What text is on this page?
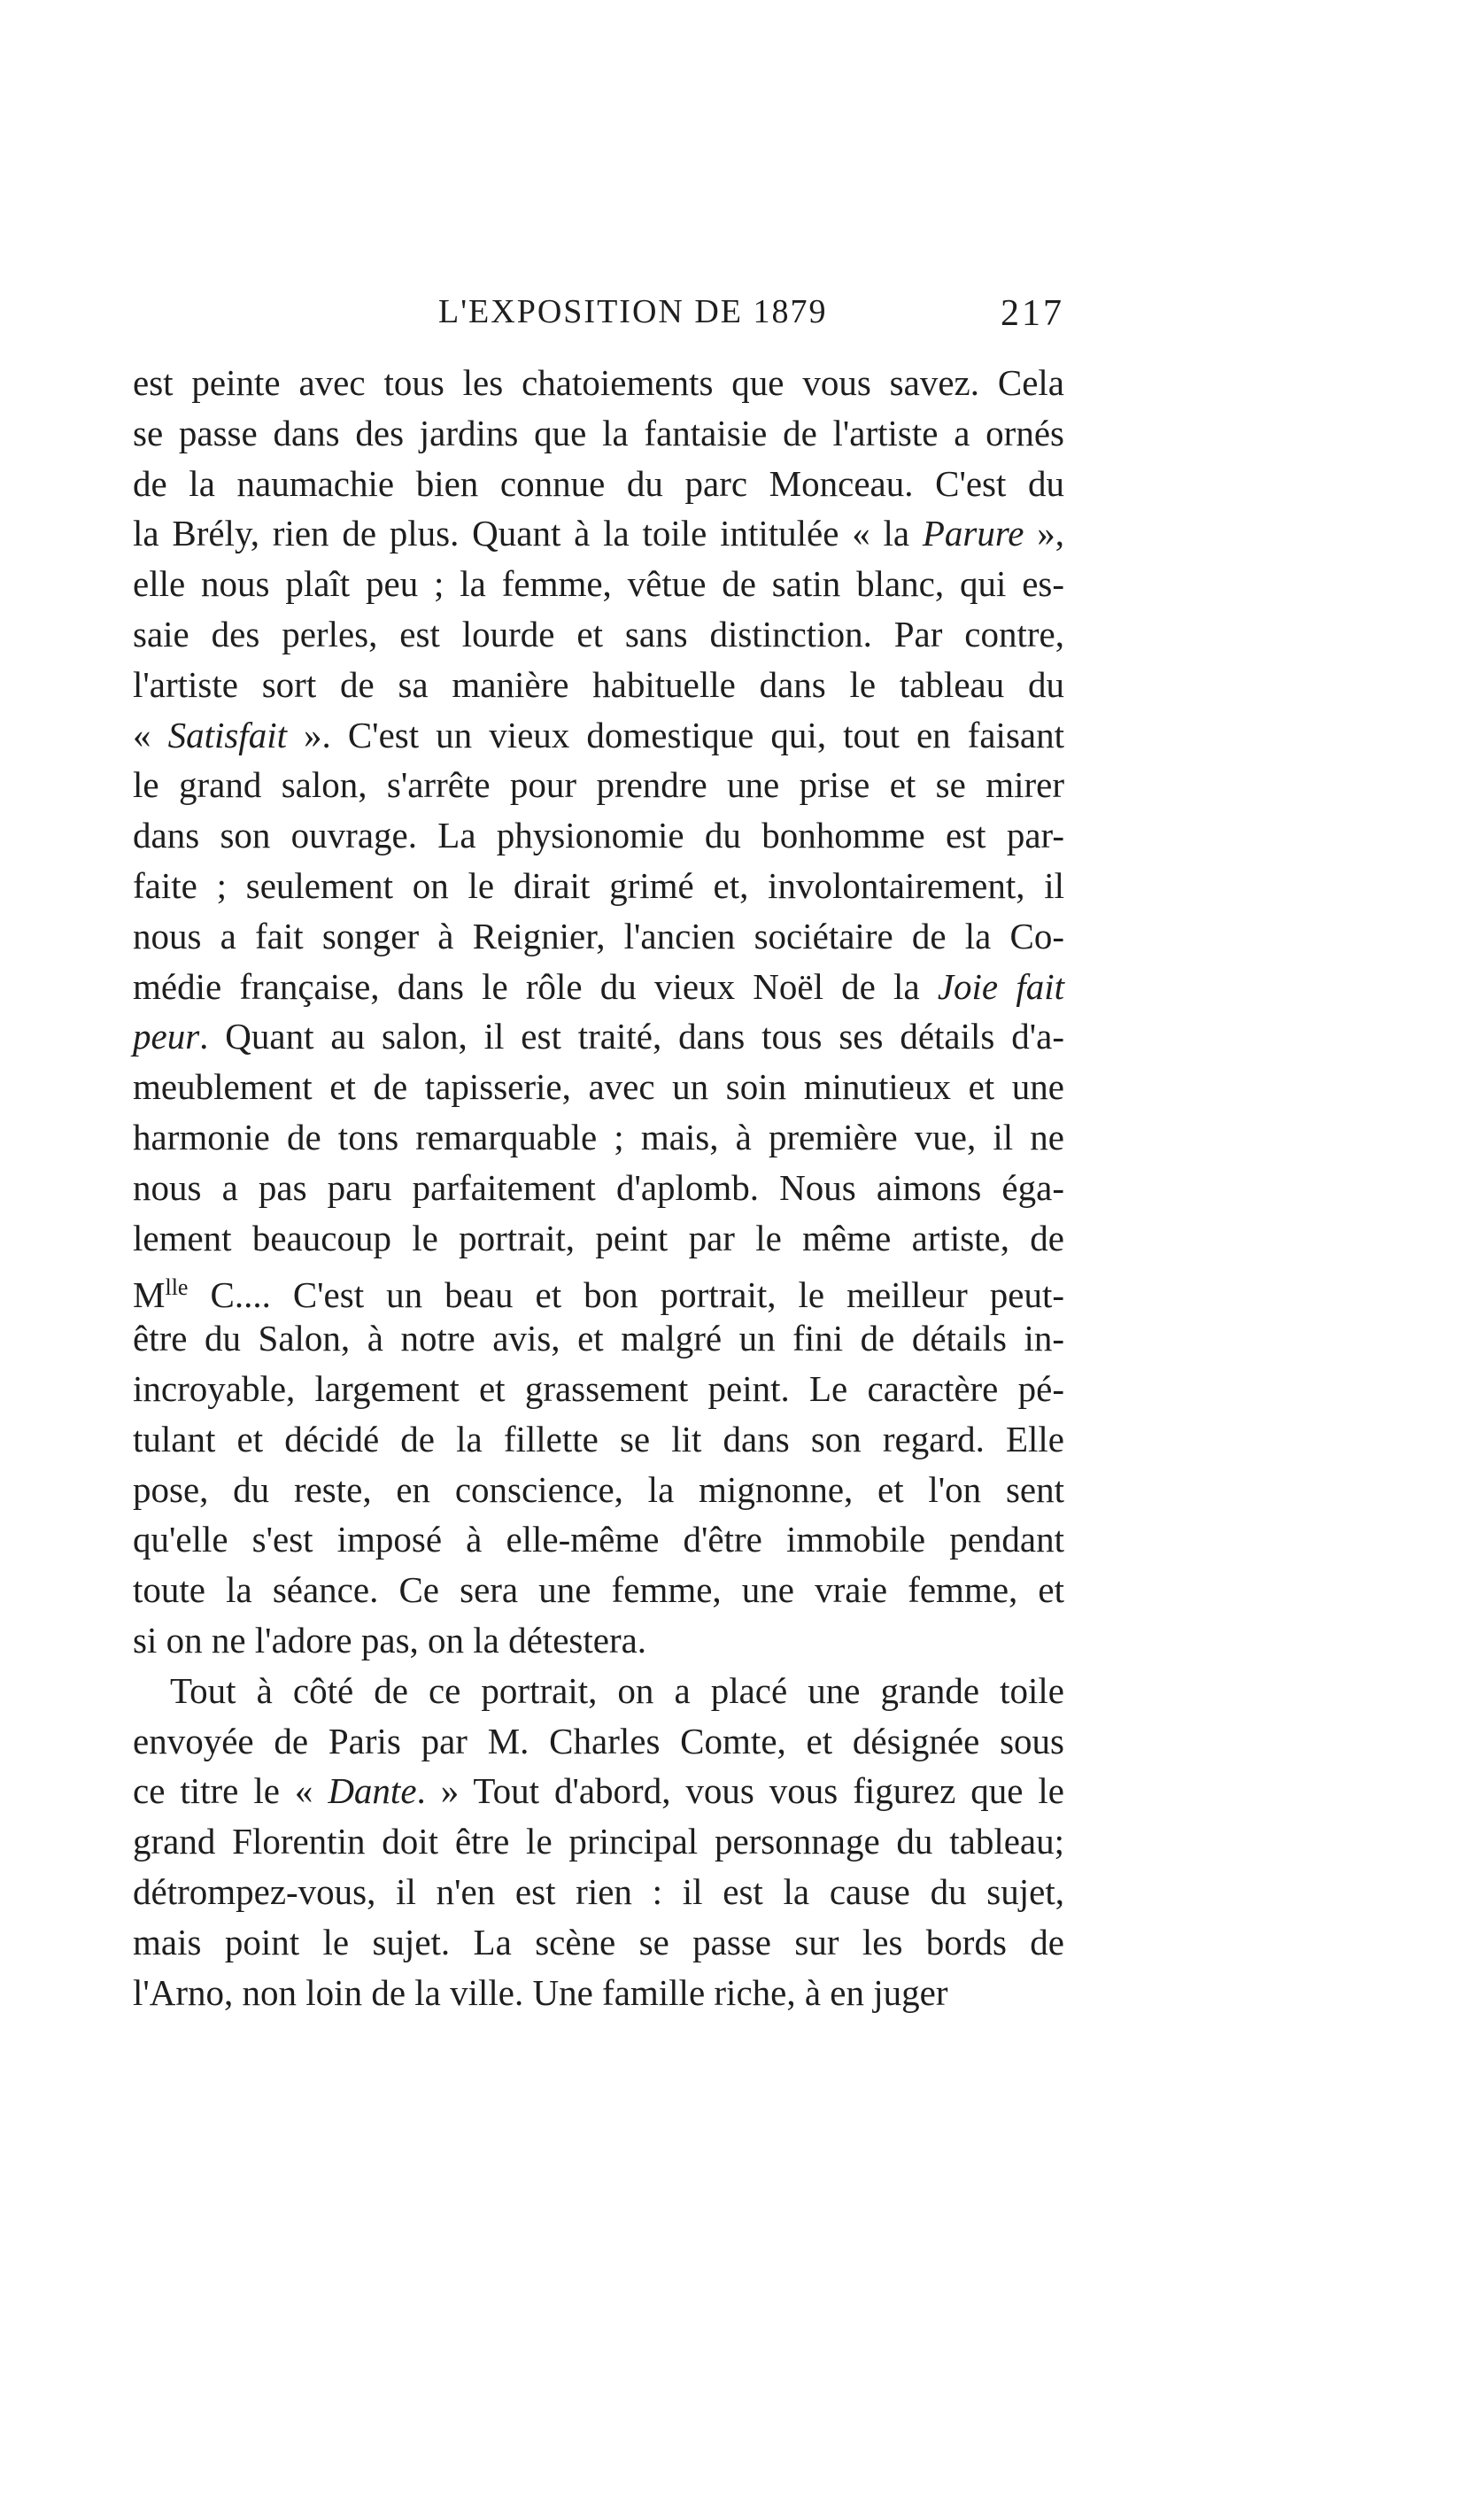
L'EXPOSITION DE 1879	217
est peinte avec tous les chatoiements que vous savez. Cela
se passe dans des jardins que la fantaisie de l'artiste a ornés
de la naumachie bien connue du parc Monceau. C'est du
la Brély, rien de plus. Quant à la toile intitulée « la Parure »,
elle nous plaît peu ; la femme, vêtue de satin blanc, qui es-
saie des perles, est lourde et sans distinction. Par contre,
l'artiste sort de sa manière habituelle dans le tableau du
« Satisfait ». C'est un vieux domestique qui, tout en faisant
le grand salon, s'arrête pour prendre une prise et se mirer
dans son ouvrage. La physionomie du bonhomme est par-
faite ; seulement on le dirait grimé et, involontairement, il
nous a fait songer à Reignier, l'ancien sociétaire de la Co-
médie française, dans le rôle du vieux Noël de la Joie fait
peur. Quant au salon, il est traité, dans tous ses détails d'a-
meublement et de tapisserie, avec un soin minutieux et une
harmonie de tons remarquable ; mais, à première vue, il ne
nous a pas paru parfaitement d'aplomb. Nous aimons éga-
lement beaucoup le portrait, peint par le même artiste, de
$M^{lle}$ C.... C'est un beau et bon portrait, le meilleur peut-
être du Salon, à notre avis, et malgré un fini de détails in-
incroyable, largement et grassement peint. Le caractère pé-
tulant et décidé de la fillette se lit dans son regard. Elle
pose, du reste, en conscience, la mignonne, et l'on sent
qu'elle s'est imposé à elle-même d'être immobile pendant
toute la séance. Ce sera une femme, une vraie femme, et
si on ne l'adore pas, on la détestera.
Tout à côté de ce portrait, on a placé une grande toile
envoyée de Paris par M. Charles Comte, et désignée sous
ce titre le « Dante. » Tout d'abord, vous vous figurez que le
grand Florentin doit être le principal personnage du tableau;
détrompez-vous, il n'en est rien : il est la cause du sujet,
mais point le sujet. La scène se passe sur les bords de
l'Arno, non loin de la ville. Une famille riche, à en juger
